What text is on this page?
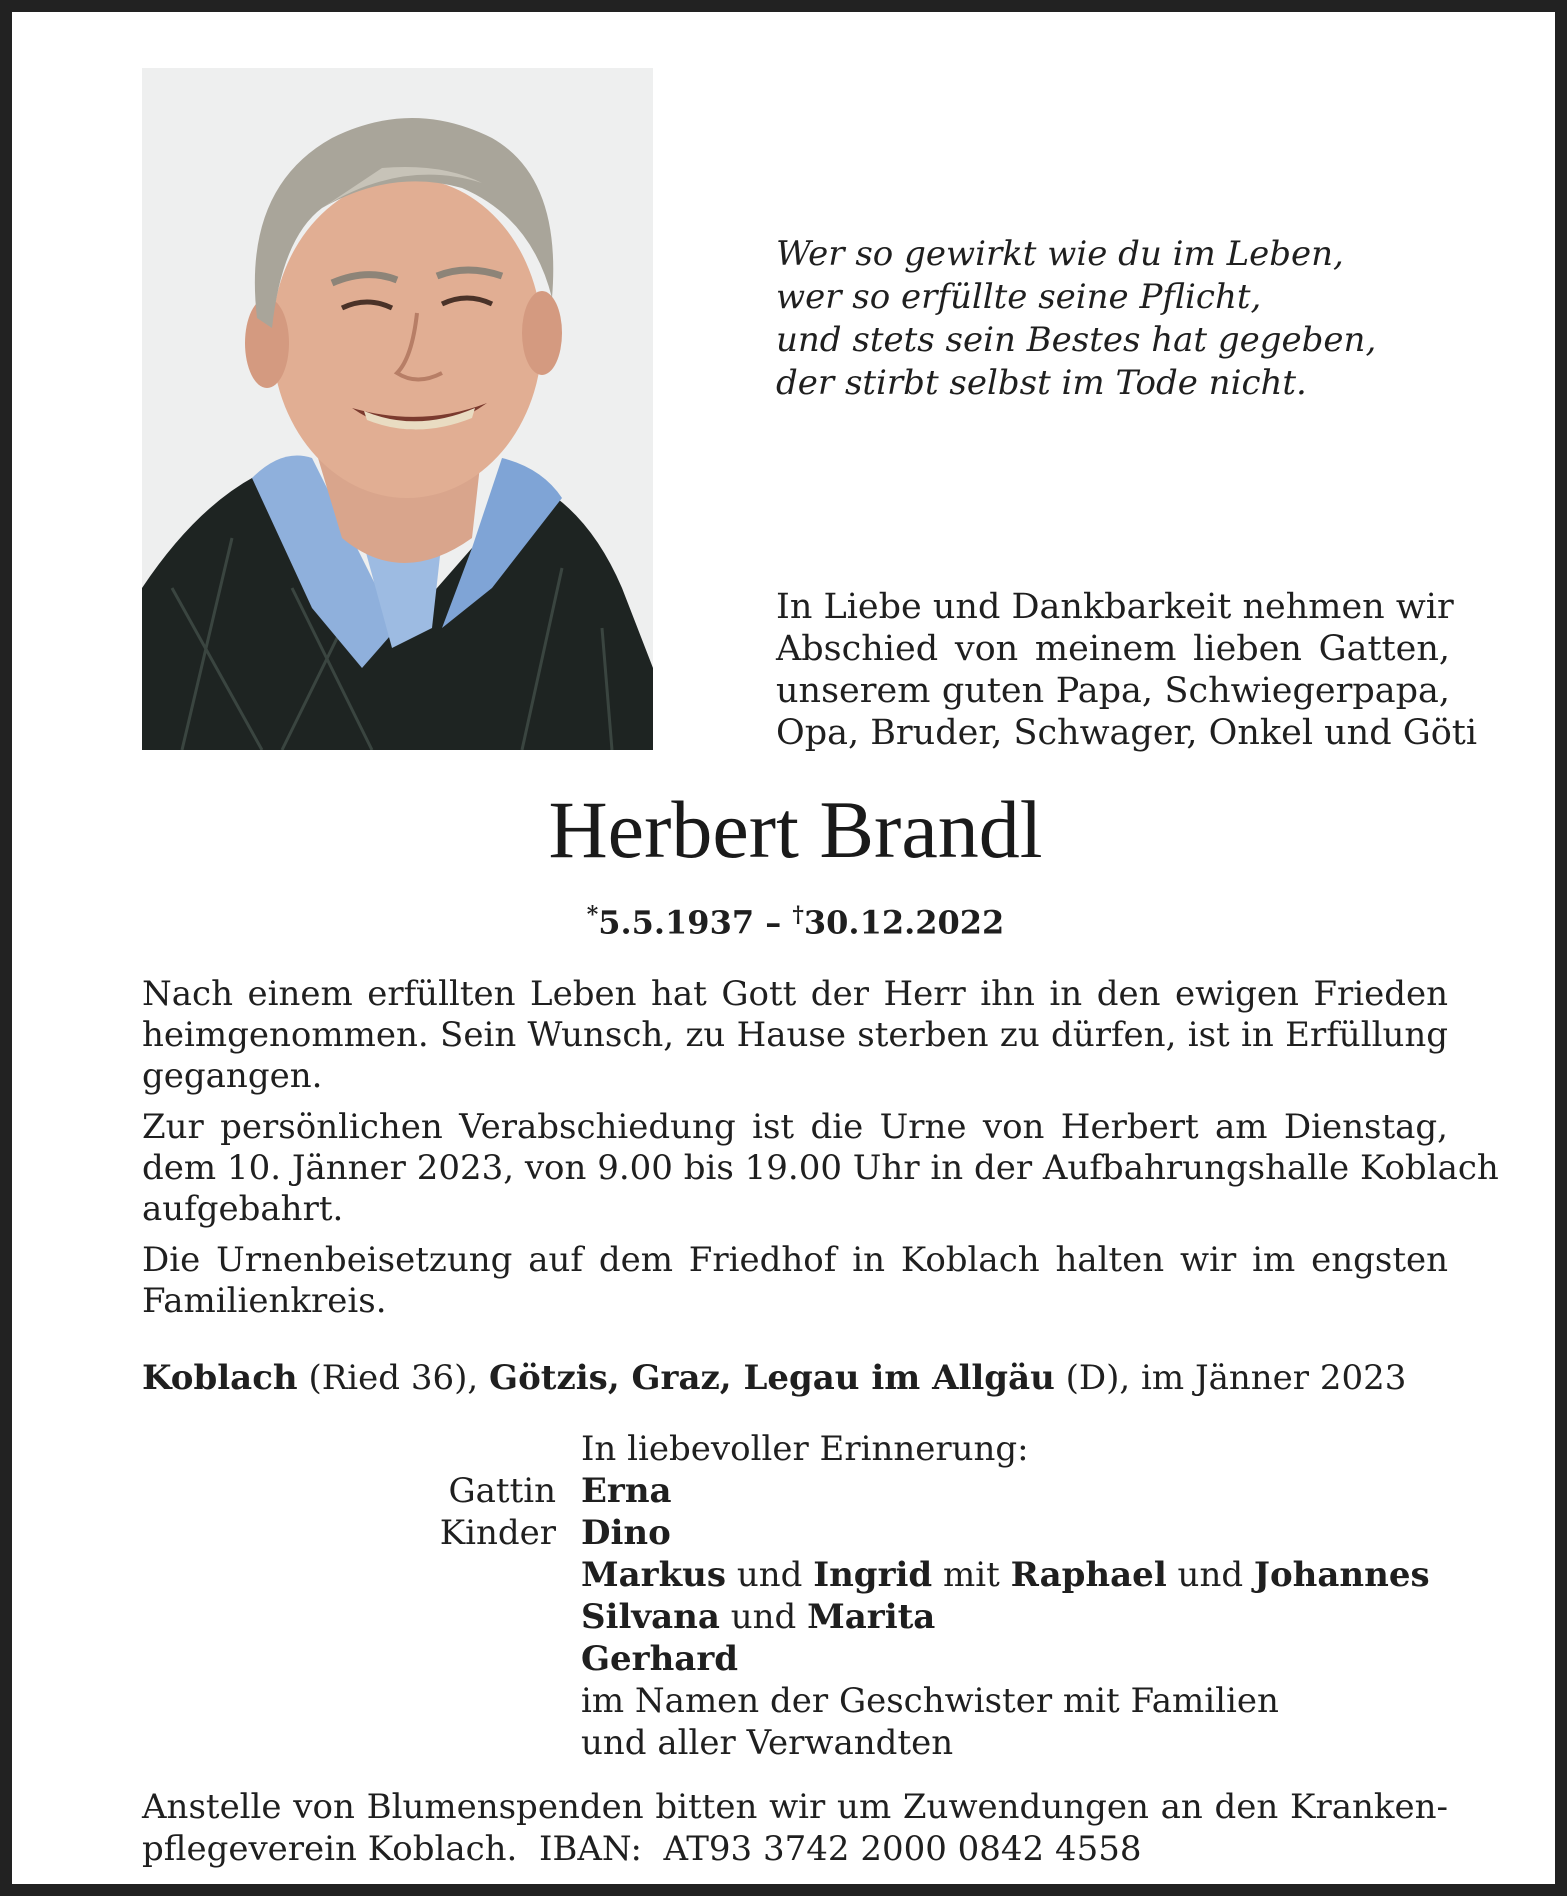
Wer so gewirkt wie du im Leben,
wer so erfüllte seine Pflicht,
und stets sein Bestes hat gegeben,
der stirbt selbst im Tode nicht.
In Liebe und Dankbarkeit nehmen wir
Abschied von meinem lieben Gatten,
unserem guten Papa, Schwiegerpapa,
Opa, Bruder, Schwager, Onkel und Göti
Herbert Brandl
*5.5.1937 – †30.12.2022
Nach einem erfüllten Leben hat Gott der Herr ihn in den ewigen Frieden
heimgenommen. Sein Wunsch, zu Hause sterben zu dürfen, ist in Erfüllung
gegangen.
Zur persönlichen Verabschiedung ist die Urne von Herbert am Dienstag,
dem 10. Jänner 2023, von 9.00 bis 19.00 Uhr in der Aufbahrungshalle Koblach
aufgebahrt.
Die Urnenbeisetzung auf dem Friedhof in Koblach halten wir im engsten
Familienkreis.
Koblach (Ried 36), Götzis, Graz, Legau im Allgäu (D), im Jänner 2023
In liebevoller Erinnerung:
Gattin Erna
Kinder Dino
Markus und Ingrid mit Raphael und Johannes
Silvana und Marita
Gerhard
im Namen der Geschwister mit Familien
und aller Verwandten
Anstelle von Blumenspenden bitten wir um Zuwendungen an den Kranken-
pflegeverein Koblach.  IBAN:  AT93 3742 2000 0842 4558
